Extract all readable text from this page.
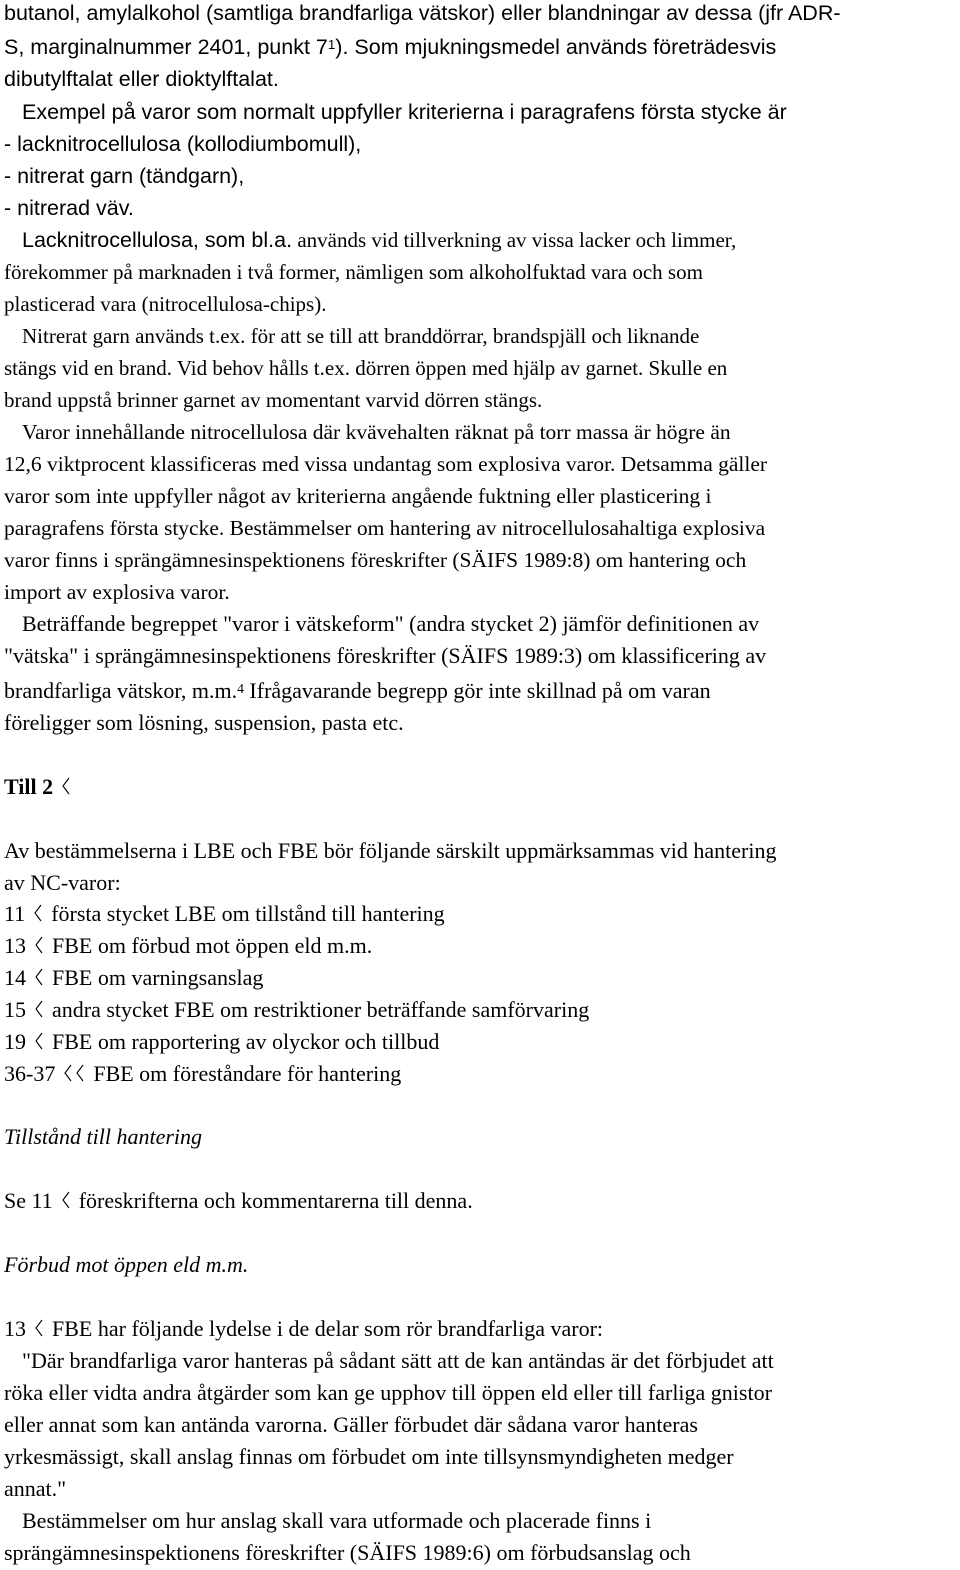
butanol, amylalkohol (samtliga brandfarliga vätskor) eller blandningar av dessa (jfr ADR-
S, marginalnummer 2401, punkt $7^1$). Som mjukningsmedel används företrädesvis
dibutylftalat eller dioktylftalat.
Exempel på varor som normalt uppfyller kriterierna i paragrafens första stycke är
- lacknitrocellulosa (kollodiumbomull),
- nitrerat garn (tändgarn),
- nitrerad väv.
Lacknitrocellulosa, som bl.a. används vid tillverkning av vissa lacker och limmer,
förekommer på marknaden i två former, nämligen som alkoholfuktad vara och som
plasticerad vara (nitrocellulosa-chips).
Nitrerat garn används t.ex. för att se till att branddörrar, brandspjäll och liknande
stängs vid en brand. Vid behov hålls t.ex. dörren öppen med hjälp av garnet. Skulle en
brand uppstå brinner garnet av momentant varvid dörren stängs.
Varor innehållande nitrocellulosa där kvävehalten räknat på torr massa är högre än
12,6 viktprocent klassificeras med vissa undantag som explosiva varor. Detsamma gäller
varor som inte uppfyller något av kriterierna angående fuktning eller plasticering i
paragrafens första stycke. Bestämmelser om hantering av nitrocellulosahaltiga explosiva
varor finns i sprängämnesinspektionens föreskrifter (SÄIFS 1989:8) om hantering och
import av explosiva varor.
Beträffande begreppet "varor i vätskeform" (andra stycket 2) jämför definitionen av
"vätska" i sprängämnesinspektionens föreskrifter (SÄIFS 1989:3) om klassificering av
brandfarliga vätskor, m.m.$^4$ Ifrågavarande begrepp gör inte skillnad på om varan
föreligger som lösning, suspension, pasta etc.
Till 2
Av bestämmelserna i LBE och FBE bör följande särskilt uppmärksammas vid hantering
av NC-varor:
11 första stycket LBE om tillstånd till hantering
13 FBE om förbud mot öppen eld m.m.
14 FBE om varningsanslag
15 andra stycket FBE om restriktioner beträffande samförvaring
19 FBE om rapportering av olyckor och tillbud
36-37 FBE om föreståndare för hantering
Tillstånd till hantering
Se 11 föreskrifterna och kommentarerna till denna.
Förbud mot öppen eld m.m.
13 FBE har följande lydelse i de delar som rör brandfarliga varor:
"Där brandfarliga varor hanteras på sådant sätt att de kan antändas är det förbjudet att
röka eller vidta andra åtgärder som kan ge upphov till öppen eld eller till farliga gnistor
eller annat som kan antända varorna. Gäller förbudet där sådana varor hanteras
yrkesmässigt, skall anslag finnas om förbudet om inte tillsynsmyndigheten medger
annat."
Bestämmelser om hur anslag skall vara utformade och placerade finns i
sprängämnesinspektionens föreskrifter (SÄIFS 1989:6) om förbudsanslag och
